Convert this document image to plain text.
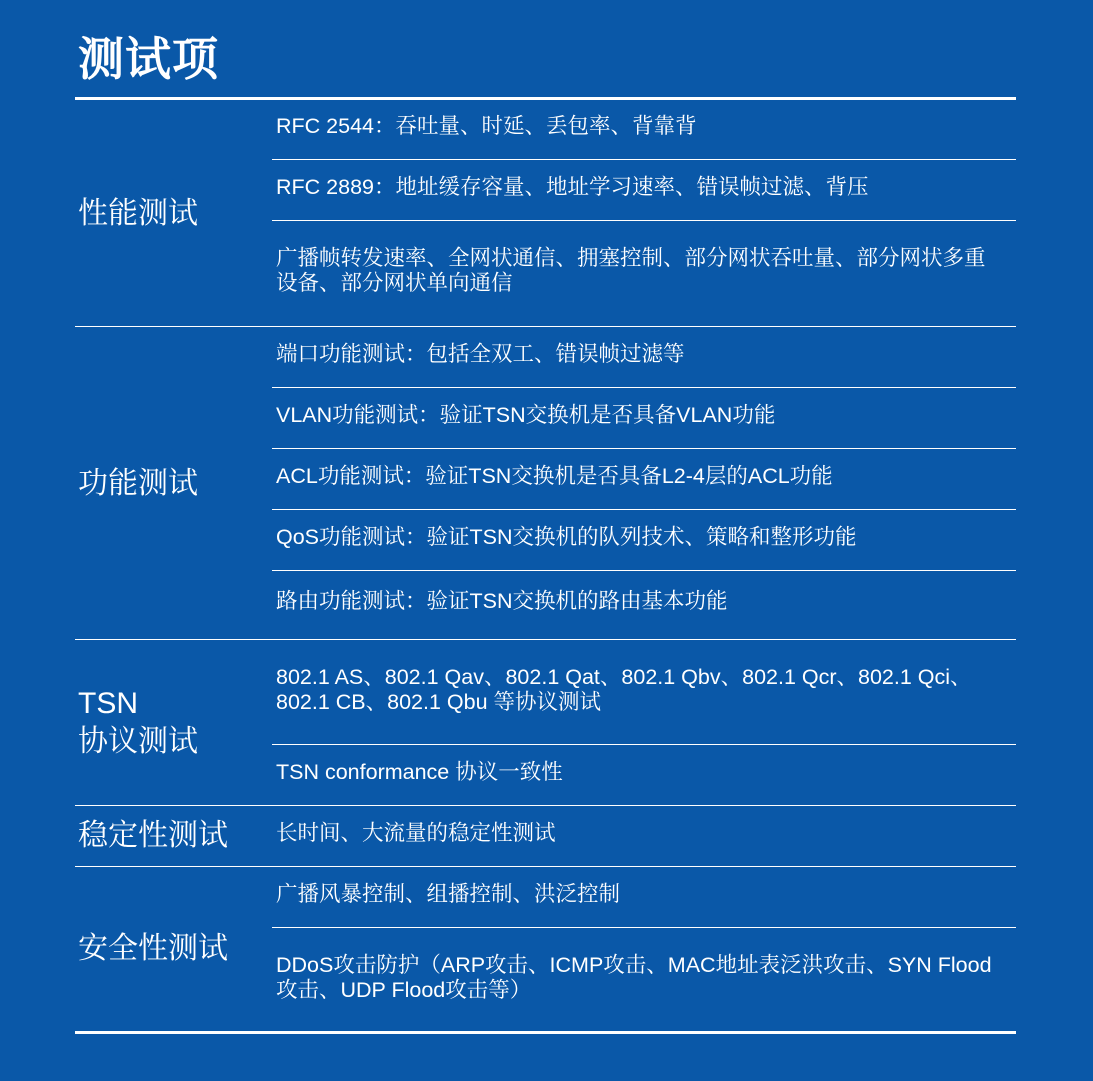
测试项
性能测试
RFC 2544：吞吐量、时延、丢包率、背靠背
RFC 2889：地址缓存容量、地址学习速率、错误帧过滤、背压
广播帧转发速率、全网状通信、拥塞控制、部分网状吞吐量、部分网状多重设备、部分网状单向通信
功能测试
端口功能测试：包括全双工、错误帧过滤等
VLAN功能测试：验证TSN交换机是否具备VLAN功能
ACL功能测试：验证TSN交换机是否具备L2-4层的ACL功能
QoS功能测试：验证TSN交换机的队列技术、策略和整形功能
路由功能测试：验证TSN交换机的路由基本功能
TSN
协议测试
802.1 AS、802.1 Qav、802.1 Qat、802.1 Qbv、802.1 Qcr、802.1 Qci、802.1 CB、802.1 Qbu 等协议测试
TSN conformance 协议一致性
稳定性测试 长时间、大流量的稳定性测试
安全性测试
广播风暴控制、组播控制、洪泛控制
DDoS攻击防护（ARP攻击、ICMP攻击、MAC地址表泛洪攻击、SYN Flood攻击、UDP Flood攻击等）
